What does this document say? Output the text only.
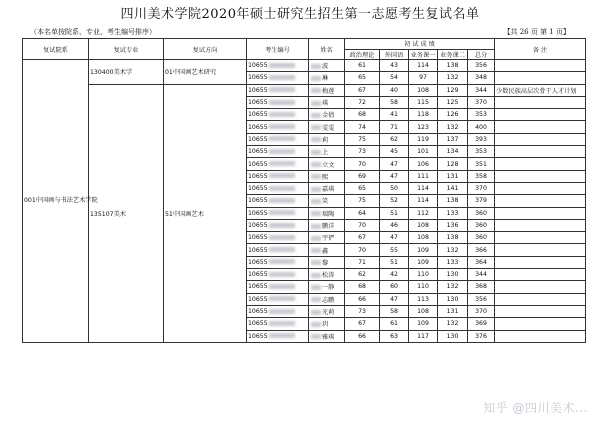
四川美术学院2020年硕士研究生招生第一志愿考生复试名单
（本名单按院系、专业、考生编号排序）	【共 26 页 第 1 页】
复试院系	复试专业	复试方向	考生编号	姓名	初 试 成 绩					备 注
					政治理论	外国语	业务课一	业务课二	总分	
001中国画与书法艺术学院	130400美术学	01中国画艺术研究	10655	波	61	43	114	138	356	
			10655	琳	65	54	97	132	348	
	135107美术	51中国画艺术	10655	梅莲	67	40	108	129	344	少数民族高层次骨干人才计划
			10655	琪	72	58	115	125	370	
			10655	金倩	68	41	118	126	353	
			10655	雯雯	74	71	123	132	400	
			10655	莉	75	62	119	137	393	
			10655	上	73	45	101	134	353	
			10655	立文	70	47	106	128	351	
			10655	熙	69	47	111	131	358	
			10655	嘉琪	65	50	114	141	370	
			10655	笑	75	52	114	138	379	
			10655	瑞陶	64	51	112	133	360	
			10655	鹏洋	70	46	108	136	360	
			10655	宇俨	67	47	108	138	360	
			10655	鑫	70	55	109	132	366	
			10655	黎	71	51	109	133	364	
			10655	松涛	62	42	110	130	344	
			10655	一静	68	60	110	132	368	
			10655	志鹏	66	47	113	130	356	
			10655	光莉	73	58	108	131	370	
			10655	玥	67	61	109	132	369	
			10655	雅琪	66	63	117	130	376	
知乎 @四川美术...
